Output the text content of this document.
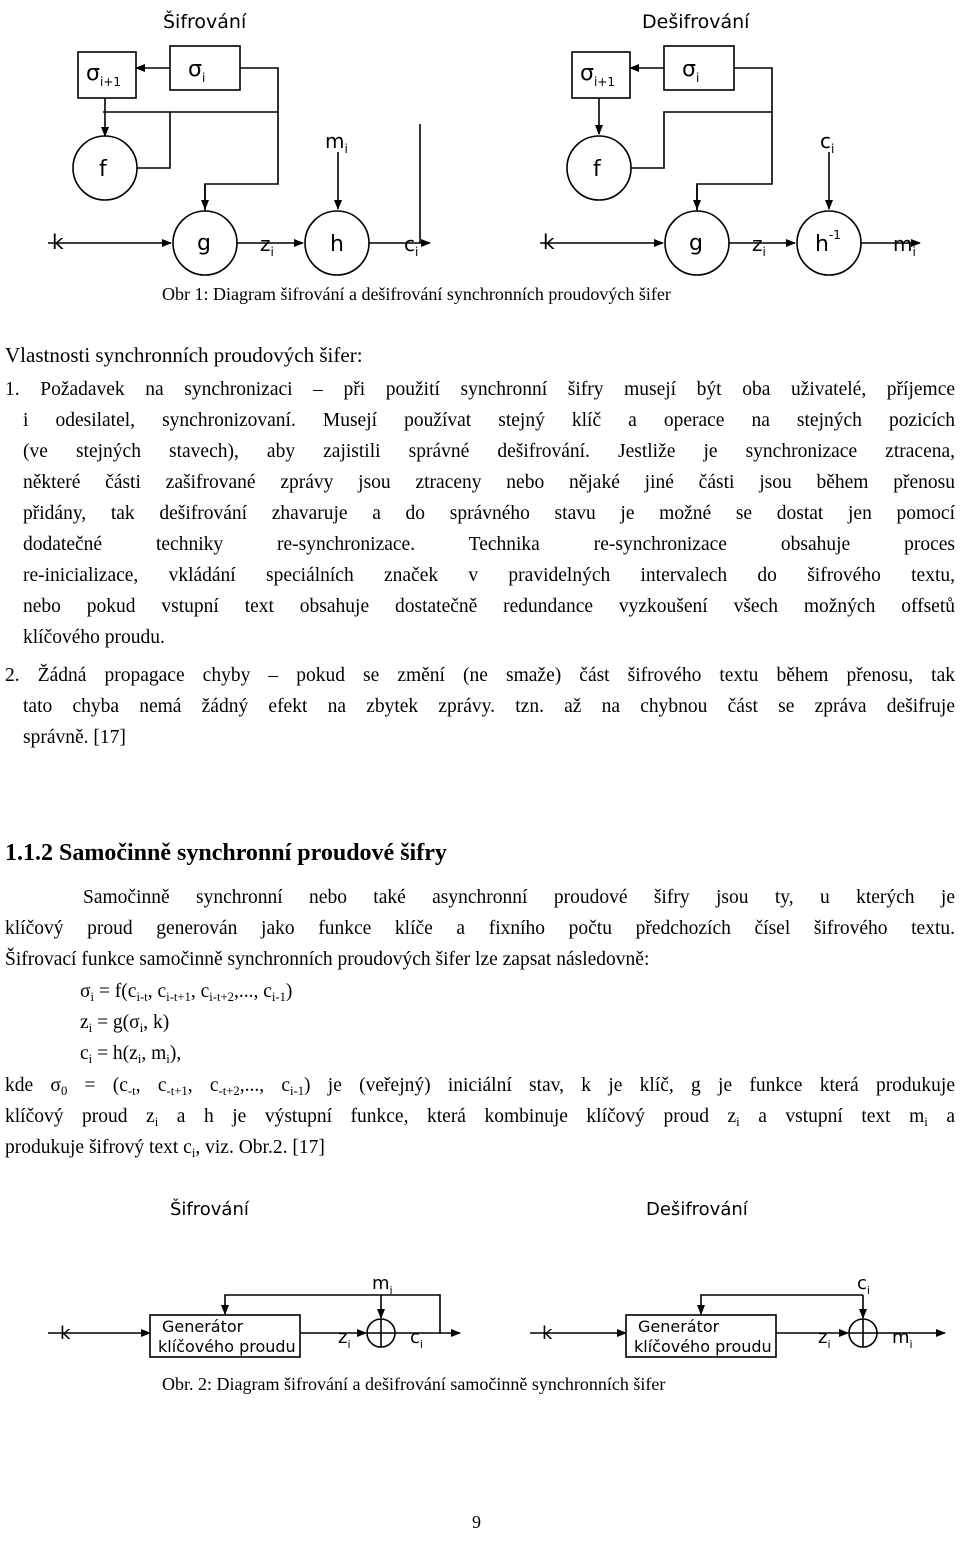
Šifrování	Dešifrování
$\sigma_{i+1}$	$\sigma_i$
f
g	h
k	$z_i$	$c_i$
$m_i$
$\sigma_{i+1}$	$\sigma_i$
f
g	$h^{-1}$
k	$z_i$	$m_i$
$c_i$
Obr 1: Diagram šifrování a dešifrování synchronních proudových šifer
Vlastnosti synchronních proudových šifer:
1. Požadavek na synchronizaci – při použití synchronní šifry musejí být oba uživatelé, příjemce
i odesilatel, synchronizovaní. Musejí používat stejný klíč a operace na stejných pozicích
(ve stejných stavech), aby zajistili správné dešifrování. Jestliže je synchronizace ztracena,
některé části zašifrované zprávy jsou ztraceny nebo nějaké jiné části jsou během přenosu
přidány, tak dešifrování zhavaruje a do správného stavu je možné se dostat jen pomocí
dodatečné techniky re-synchronizace. Technika re-synchronizace obsahuje proces
re-inicializace, vkládání speciálních značek v pravidelných intervalech do šifrového textu,
nebo pokud vstupní text obsahuje dostatečně redundance vyzkoušení všech možných offsetů
klíčového proudu.
2. Žádná propagace chyby – pokud se změní (ne smaže) část šifrového textu během přenosu, tak
tato chyba nemá žádný efekt na zbytek zprávy. tzn. až na chybnou část se zpráva dešifruje
správně. [17]
1.1.2 Samočinně synchronní proudové šifry
Samočinně synchronní nebo také asynchronní proudové šifry jsou ty, u kterých je
klíčový proud generován jako funkce klíče a fixního počtu předchozích čísel šifrového textu.
Šifrovací funkce samočinně synchronních proudových šifer lze zapsat následovně:
$\sigma_i = f(c_{i-t}$, $c_{i-t+1}$, $c_{i-t+2}$,..., $c_{i-1}$)
$z_i = g(\sigma_i$, k)
$c_i = h(z_i$, $m_i$),
kde $\sigma_0 = (c_{-t}$, $c_{-t+1}$, $c_{-t+2}$,..., $c_{i-1}$) je (veřejný) iniciální stav, k je klíč, g je funkce která produkuje
klíčový proud $z_i$ a h je výstupní funkce, která kombinuje klíčový proud $z_i$ a vstupní text $m_i$ a
produkuje šifrový text $c_i$, viz. Obr.2. [17]
Šifrování	Dešifrování
Generátor
klíčového proudu
Generátor
klíčového proudu
k	k
$z_i$	$c_i$
$m_i$
$z_i$	$m_i$
$c_i$
Obr. 2: Diagram šifrování a dešifrování samočinně synchronních šifer
9
